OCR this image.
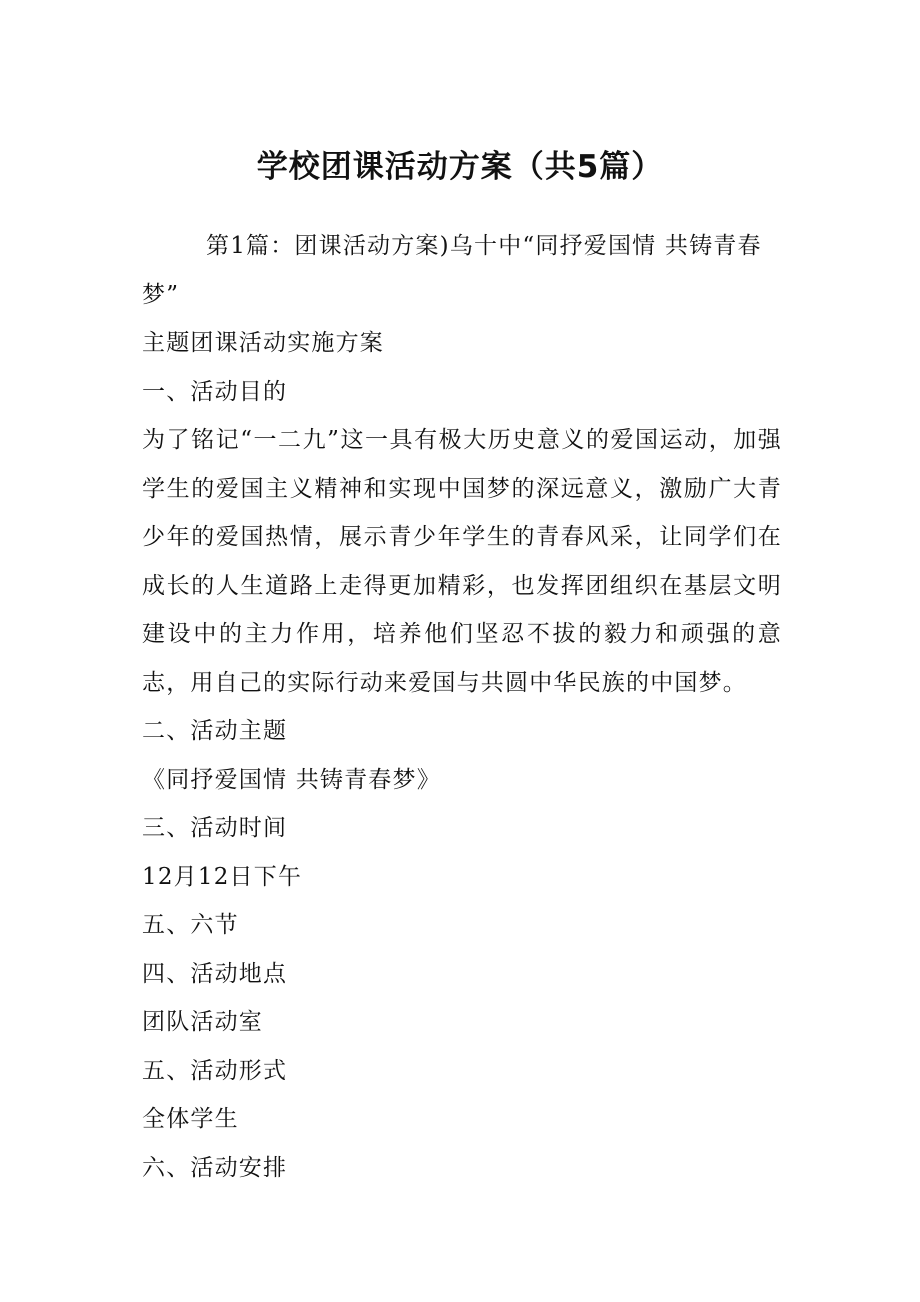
学校团课活动方案（共5篇）

第1篇：团课活动方案)乌十中“同抒爱国情 共铸青春梦”

主题团课活动实施方案

一、活动目的

为了铭记“一二九”这一具有极大历史意义的爱国运动，加强学生的爱国主义精神和实现中国梦的深远意义，激励广大青少年的爱国热情，展示青少年学生的青春风采，让同学们在成长的人生道路上走得更加精彩，也发挥团组织在基层文明建设中的主力作用，培养他们坚忍不拔的毅力和顽强的意志，用自己的实际行动来爱国与共圆中华民族的中国梦。

二、活动主题

《同抒爱国情 共铸青春梦》

三、活动时间

12月12日下午

五、六节

四、活动地点

团队活动室

五、活动形式

全体学生

六、活动安排
